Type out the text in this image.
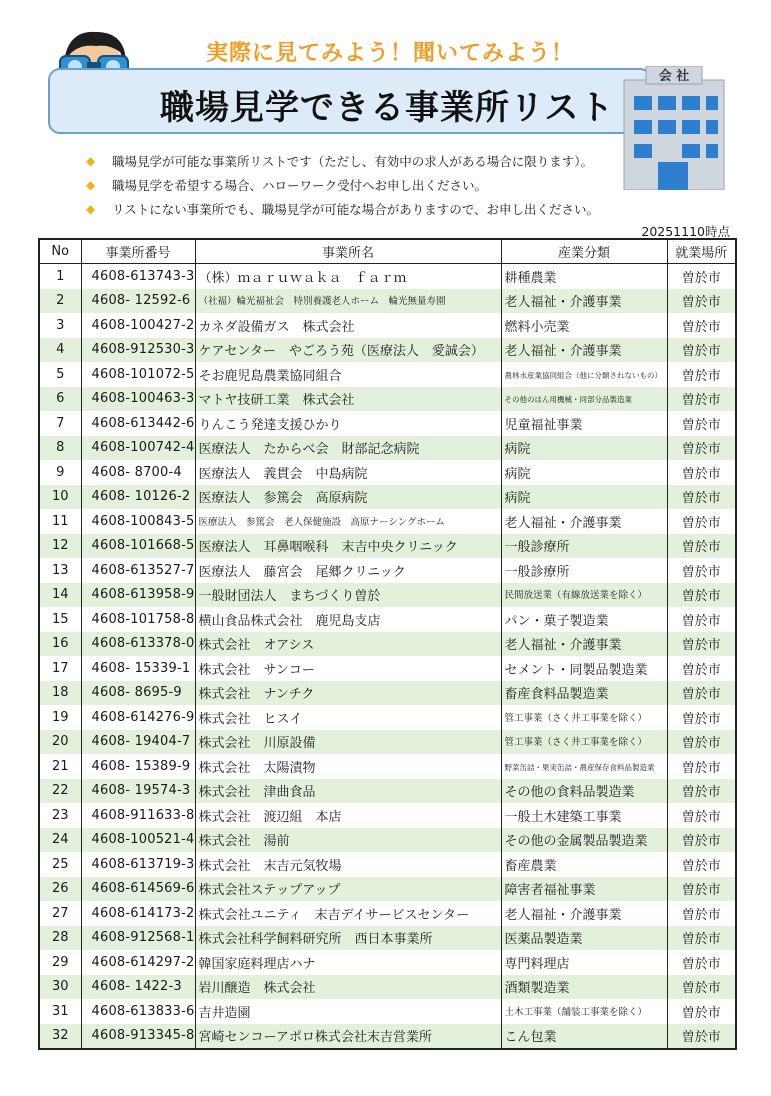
実際に見てみよう！聞いてみよう！
職場見学できる事業所リスト
会 社
◆ 職場見学が可能な事業所リストです（ただし、有効中の求人がある場合に限ります）。
◆ 職場見学を希望する場合、ハローワーク受付へお申し出ください。
◆ リストにない事業所でも、職場見学が可能な場合がありますので、お申し出ください。
20251110時点
No	事業所番号	事業所名	産業分類	就業場所
1	4608-613743-3	（株）ｍａｒｕｗａｋａ　ｆａｒｍ	耕種農業	曽於市
2	4608- 12592-6	（社福）輪光福祉会　特別養護老人ホーム　輪光無量寿園	老人福祉・介護事業	曽於市
3	4608-100427-2	カネダ設備ガス　株式会社	燃料小売業	曽於市
4	4608-912530-3	ケアセンター　やごろう苑（医療法人　愛誠会）	老人福祉・介護事業	曽於市
5	4608-101072-5	そお鹿児島農業協同組合	農林水産業協同組合（他に分類されないもの）	曽於市
6	4608-100463-3	マトヤ技研工業　株式会社	その他のはん用機械・同部分品製造業	曽於市
7	4608-613442-6	りんこう発達支援ひかり	児童福祉事業	曽於市
8	4608-100742-4	医療法人　たからべ会　財部記念病院	病院	曽於市
9	4608- 8700-4	医療法人　義貫会　中島病院	病院	曽於市
10	4608- 10126-2	医療法人　参篤会　高原病院	病院	曽於市
11	4608-100843-5	医療法人　参篤会　老人保健施設　高原ナーシングホーム	老人福祉・介護事業	曽於市
12	4608-101668-5	医療法人　耳鼻咽喉科　末吉中央クリニック	一般診療所	曽於市
13	4608-613527-7	医療法人　藤宮会　尾郷クリニック	一般診療所	曽於市
14	4608-613958-9	一般財団法人　まちづくり曽於	民間放送業（有線放送業を除く）	曽於市
15	4608-101758-8	横山食品株式会社　鹿児島支店	パン・菓子製造業	曽於市
16	4608-613378-0	株式会社　オアシス	老人福祉・介護事業	曽於市
17	4608- 15339-1	株式会社　サンコー	セメント・同製品製造業	曽於市
18	4608- 8695-9	株式会社　ナンチク	畜産食料品製造業	曽於市
19	4608-614276-9	株式会社　ヒスイ	管工事業（さく井工事業を除く）	曽於市
20	4608- 19404-7	株式会社　川原設備	管工事業（さく井工事業を除く）	曽於市
21	4608- 15389-9	株式会社　太陽漬物	野菜缶詰・果実缶詰・農産保存食料品製造業	曽於市
22	4608- 19574-3	株式会社　津曲食品	その他の食料品製造業	曽於市
23	4608-911633-8	株式会社　渡辺組　本店	一般土木建築工事業	曽於市
24	4608-100521-4	株式会社　湯前	その他の金属製品製造業	曽於市
25	4608-613719-3	株式会社　末吉元気牧場	畜産農業	曽於市
26	4608-614569-6	株式会社ステップアップ	障害者福祉事業	曽於市
27	4608-614173-2	株式会社ユニティ　末吉デイサービスセンター	老人福祉・介護事業	曽於市
28	4608-912568-1	株式会社科学飼料研究所　西日本事業所	医薬品製造業	曽於市
29	4608-614297-2	韓国家庭料理店ハナ	専門料理店	曽於市
30	4608- 1422-3	岩川醸造　株式会社	酒類製造業	曽於市
31	4608-613833-6	吉井造園	土木工事業（舗装工事業を除く）	曽於市
32	4608-913345-8	宮崎センコーアポロ株式会社末吉営業所	こん包業	曽於市
